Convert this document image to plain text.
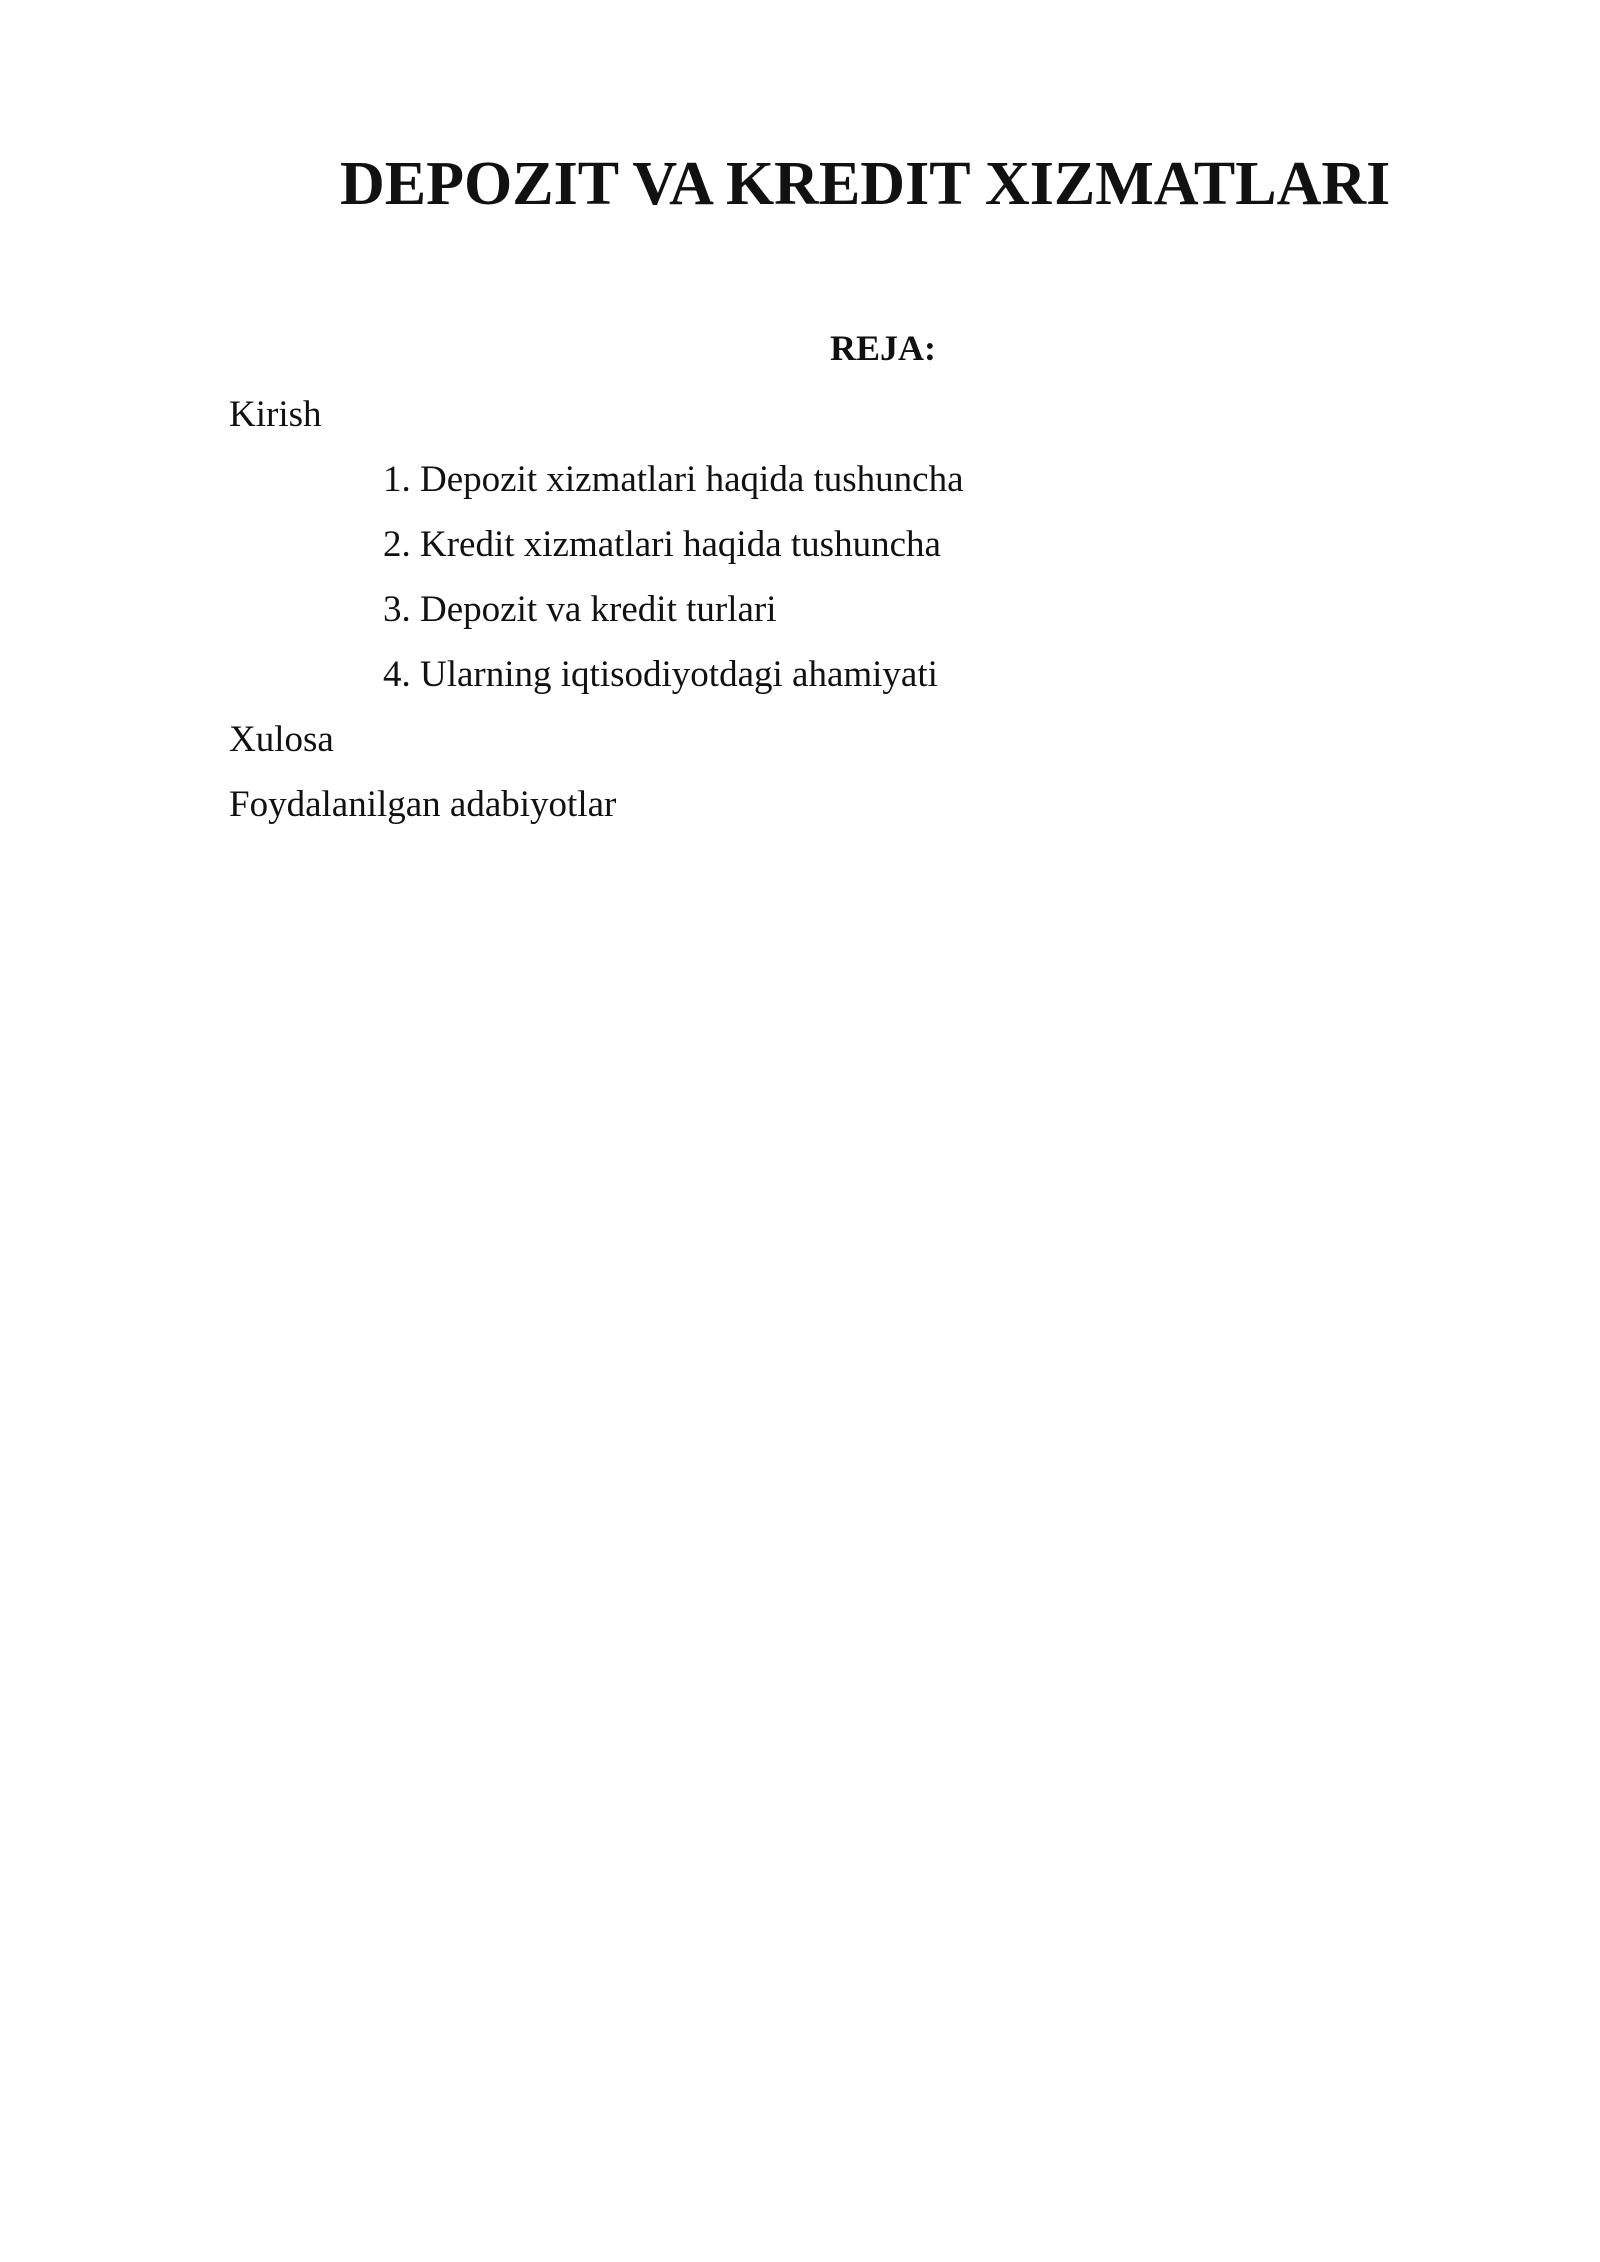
DEPOZIT VA KREDIT XIZMATLARI

REJA:

Kirish

1. Depozit xizmatlari haqida tushuncha
2. Kredit xizmatlari haqida tushuncha
3. Depozit va kredit turlari
4. Ularning iqtisodiyotdagi ahamiyati

Xulosa

Foydalanilgan adabiyotlar
